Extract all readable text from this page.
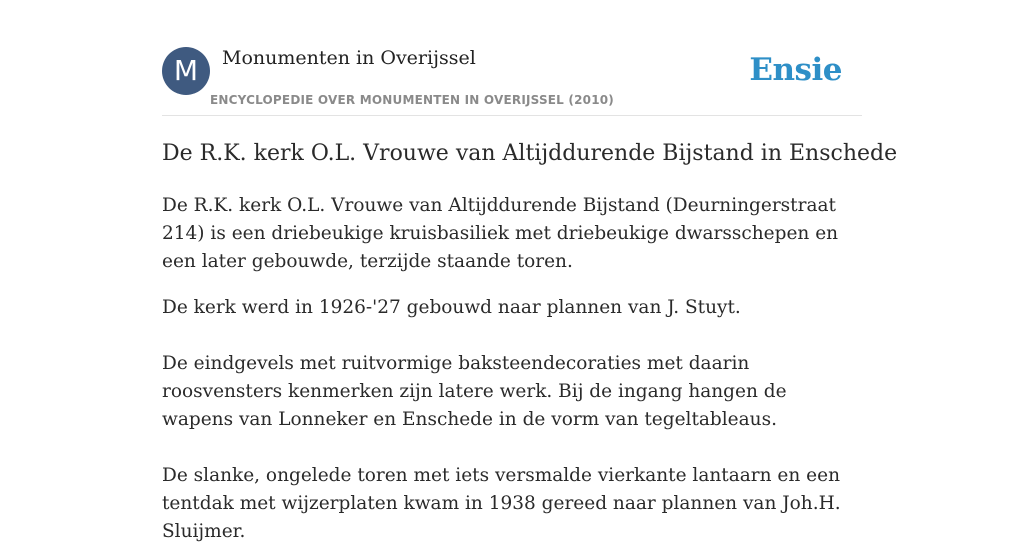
M	Monumenten in Overijssel
ENCYCLOPEDIE OVER MONUMENTEN IN OVERIJSSEL (2010)
Ensie
De R.K. kerk O.L. Vrouwe van Altijddurende Bijstand in Enschede

De R.K. kerk O.L. Vrouwe van Altijddurende Bijstand (Deurningerstraat 214) is een driebeukige kruisbasiliek met driebeukige dwarsschepen en een later gebouwde, terzijde staande toren.

De kerk werd in 1926-'27 gebouwd naar plannen van J. Stuyt.

De eindgevels met ruitvormige baksteendecoraties met daarin roosvensters kenmerken zijn latere werk. Bij de ingang hangen de wapens van Lonneker en Enschede in de vorm van tegeltableaus.

De slanke, ongelede toren met iets versmalde vierkante lantaarn en een tentdak met wijzerplaten kwam in 1938 gereed naar plannen van Joh.H. Sluijmer.
